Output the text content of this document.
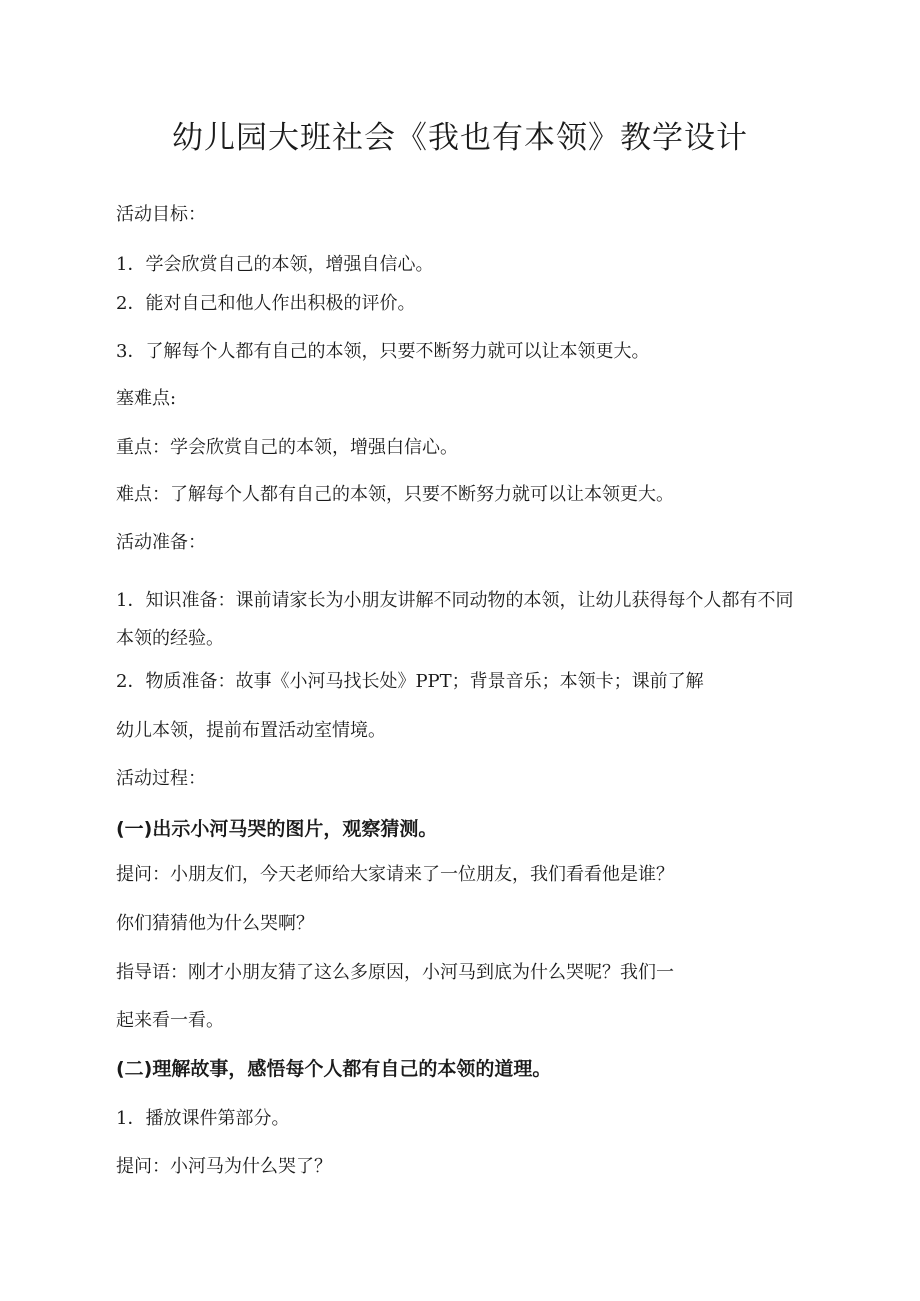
幼儿园大班社会《我也有本领》教学设计
活动目标：
1．学会欣赏自己的本领，增强自信心。
2．能对自己和他人作出积极的评价。
3．了解每个人都有自己的本领，只要不断努力就可以让本领更大。
塞难点:
重点：学会欣赏自己的本领，增强白信心。
难点：了解每个人都有自己的本领，只要不断努力就可以让本领更大。
活动准备：
1．知识准备：课前请家长为小朋友讲解不同动物的本领，让幼儿获得每个人都有不同本领的经验。
2．物质准备：故事《小河马找长处》PPT；背景音乐；本领卡；课前了解
幼儿本领，提前布置活动室情境。
活动过程：
(一)出示小河马哭的图片，观察猜测。
提问：小朋友们，今天老师给大家请来了一位朋友，我们看看他是谁？
你们猜猜他为什么哭啊？
指导语：刚才小朋友猜了这么多原因，小河马到底为什么哭呢？我们一
起来看一看。
(二)理解故事，感悟每个人都有自己的本领的道理。
1．播放课件第部分。
提问：小河马为什么哭了？
